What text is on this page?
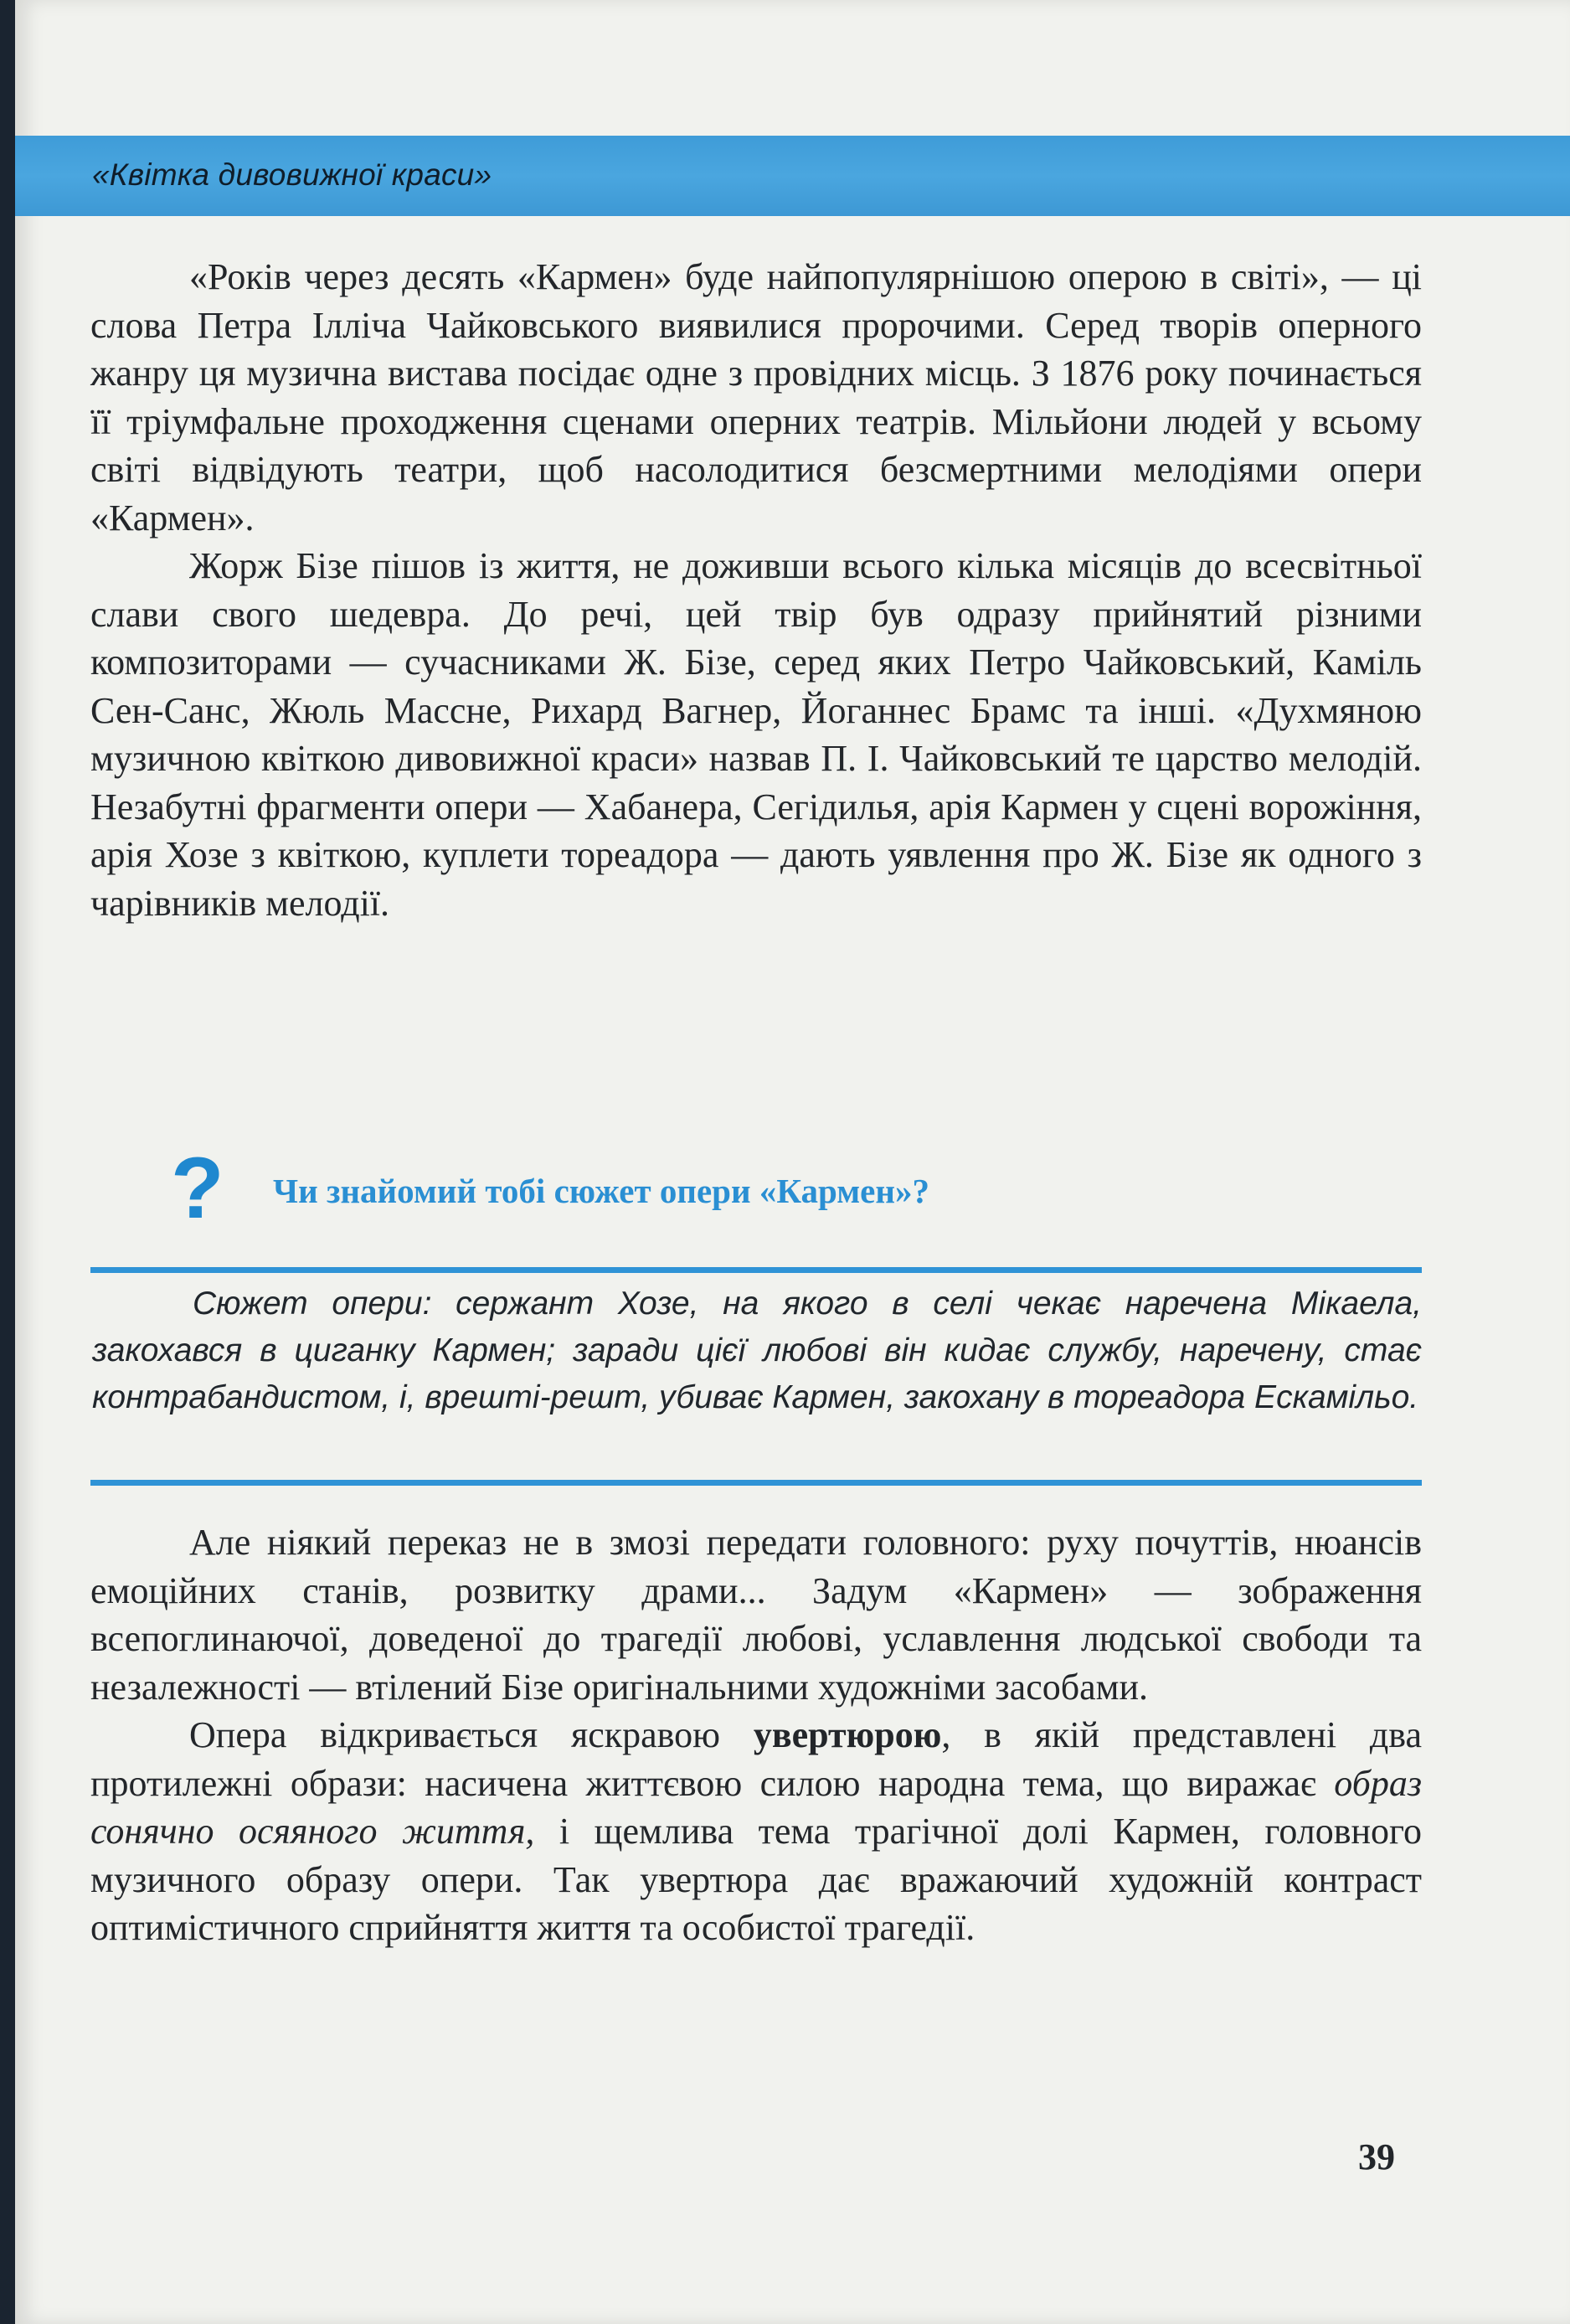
«Квітка дивовижної краси»

«Років через десять «Кармен» буде найпопулярнішою оперою в світі», — ці слова Петра Ілліча Чайковського виявилися пророчими. Серед творів оперного жанру ця музична вистава посідає одне з провідних місць. З 1876 року починається її тріумфальне проходження сценами оперних театрів. Мільйони людей у всьому світі відвідують театри, щоб насолодитися безсмертними мелодіями опери «Кармен».

Жорж Бізе пішов із життя, не доживши всього кілька місяців до всесвітньої слави свого шедевра. До речі, цей твір був одразу прийнятий різними композиторами — сучасниками Ж. Бізе, серед яких Петро Чайковський, Каміль Сен-Санс, Жюль Массне, Рихард Вагнер, Йоганнес Брамс та інші. «Духмяною музичною квіткою дивовижної краси» назвав П. І. Чайковський те царство мелодій. Незабутні фрагменти опери — Хабанера, Сегідилья, арія Кармен у сцені ворожіння, арія Хозе з квіткою, куплети тореадора — дають уявлення про Ж. Бізе як одного з чарівників мелодії.

? Чи знайомий тобі сюжет опери «Кармен»?

Сюжет опери: сержант Хозе, на якого в селі чекає наречена Мікаела, закохався в циганку Кармен; заради цієї любові він кидає службу, наречену, стає контрабандистом, і, врешті-решт, убиває Кармен, закохану в тореадора Ескамільо.

Але ніякий переказ не в змозі передати головного: руху почуттів, нюансів емоційних станів, розвитку драми... Задум «Кармен» — зображення всепоглинаючої, доведеної до трагедії любові, уславлення людської свободи та незалежності — втілений Бізе оригінальними художніми засобами.

Опера відкривається яскравою увертюрою, в якій представлені два протилежні образи: насичена життєвою силою народна тема, що виражає образ сонячно осяяного життя, і щемлива тема трагічної долі Кармен, головного музичного образу опери. Так увертюра дає вражаючий художній контраст оптимістичного сприйняття життя та особистої трагедії.

39
